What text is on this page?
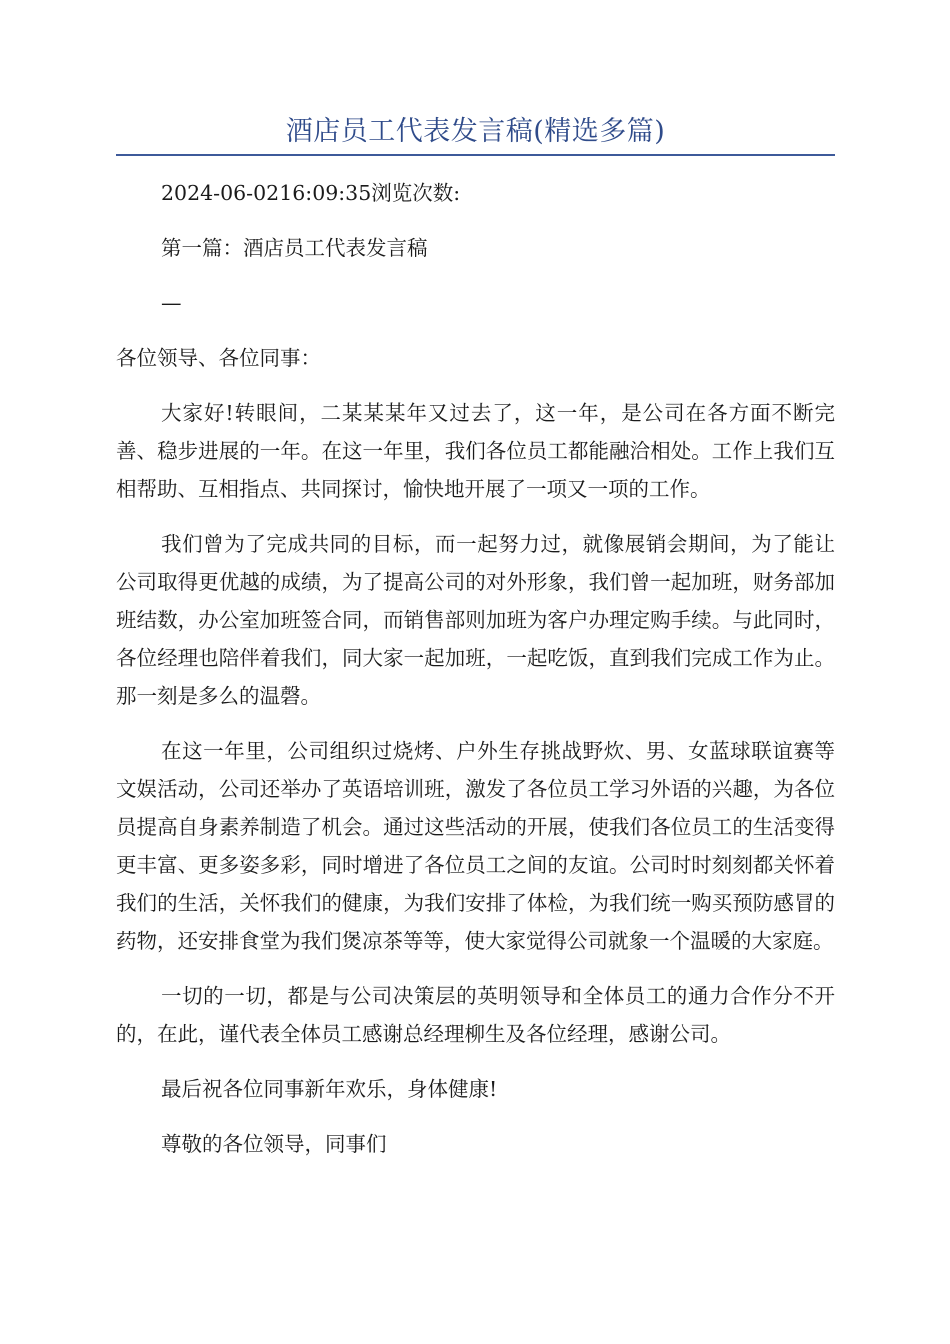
酒店员工代表发言稿(精选多篇)

2024-06-0216:09:35浏览次数:

第一篇：酒店员工代表发言稿

—

各位领导、各位同事：

大家好!转眼间，二某某某年又过去了，这一年，是公司在各方面不断完善、稳步进展的一年。在这一年里，我们各位员工都能融洽相处。工作上我们互相帮助、互相指点、共同探讨，愉快地开展了一项又一项的工作。

我们曾为了完成共同的目标，而一起努力过，就像展销会期间，为了能让公司取得更优越的成绩，为了提高公司的对外形象，我们曾一起加班，财务部加班结数，办公室加班签合同，而销售部则加班为客户办理定购手续。与此同时，各位经理也陪伴着我们，同大家一起加班，一起吃饭，直到我们完成工作为止。那一刻是多么的温磬。

在这一年里，公司组织过烧烤、户外生存挑战野炊、男、女蓝球联谊赛等文娱活动，公司还举办了英语培训班，激发了各位员工学习外语的兴趣，为各位员提高自身素养制造了机会。通过这些活动的开展，使我们各位员工的生活变得更丰富、更多姿多彩，同时增进了各位员工之间的友谊。公司时时刻刻都关怀着我们的生活，关怀我们的健康，为我们安排了体检，为我们统一购买预防感冒的药物，还安排食堂为我们煲凉茶等等，使大家觉得公司就象一个温暖的大家庭。

一切的一切，都是与公司决策层的英明领导和全体员工的通力合作分不开的，在此，谨代表全体员工感谢总经理柳生及各位经理，感谢公司。

最后祝各位同事新年欢乐，身体健康!

尊敬的各位领导，同事们
